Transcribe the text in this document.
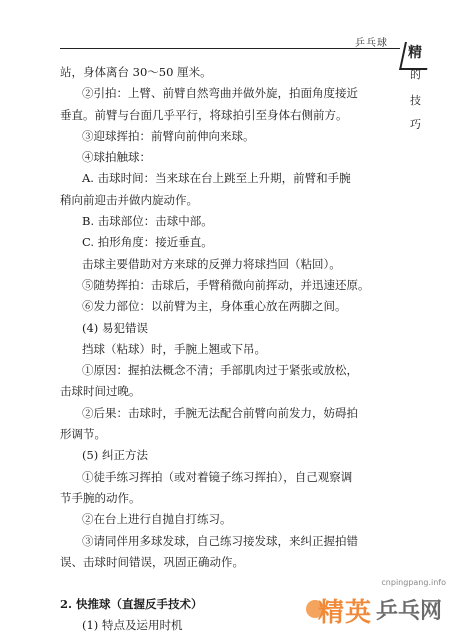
乒乓球
精
的
技
巧
站，身体离台 30～50 厘米。
②引拍：上臂、前臂自然弯曲并做外旋，拍面角度接近
垂直。前臂与台面几乎平行，将球拍引至身体右侧前方。
③迎球挥拍：前臂向前伸向来球。
④球拍触球：
A. 击球时间：当来球在台上跳至上升期，前臂和手腕
稍向前迎击并做内旋动作。
B. 击球部位：击球中部。
C. 拍形角度：接近垂直。
击球主要借助对方来球的反弹力将球挡回（粘回）。
⑤随势挥拍：击球后，手臂稍微向前挥动，并迅速还原。
⑥发力部位：以前臂为主，身体重心放在两脚之间。
(4) 易犯错误
挡球（粘球）时，手腕上翘或下吊。
①原因：握拍法概念不清；手部肌肉过于紧张或放松，
击球时间过晚。
②后果：击球时，手腕无法配合前臂向前发力，妨碍拍
形调节。
(5) 纠正方法
①徒手练习挥拍（或对着镜子练习挥拍），自己观察调
节手腕的动作。
②在台上进行自抛自打练习。
③请同伴用多球发球，自己练习接发球，来纠正握拍错
误、击球时间错误，巩固正确动作。
2. 快推球（直握反手技术）
(1) 特点及运用时机
cnpingpang.info
精英 乒乓网
